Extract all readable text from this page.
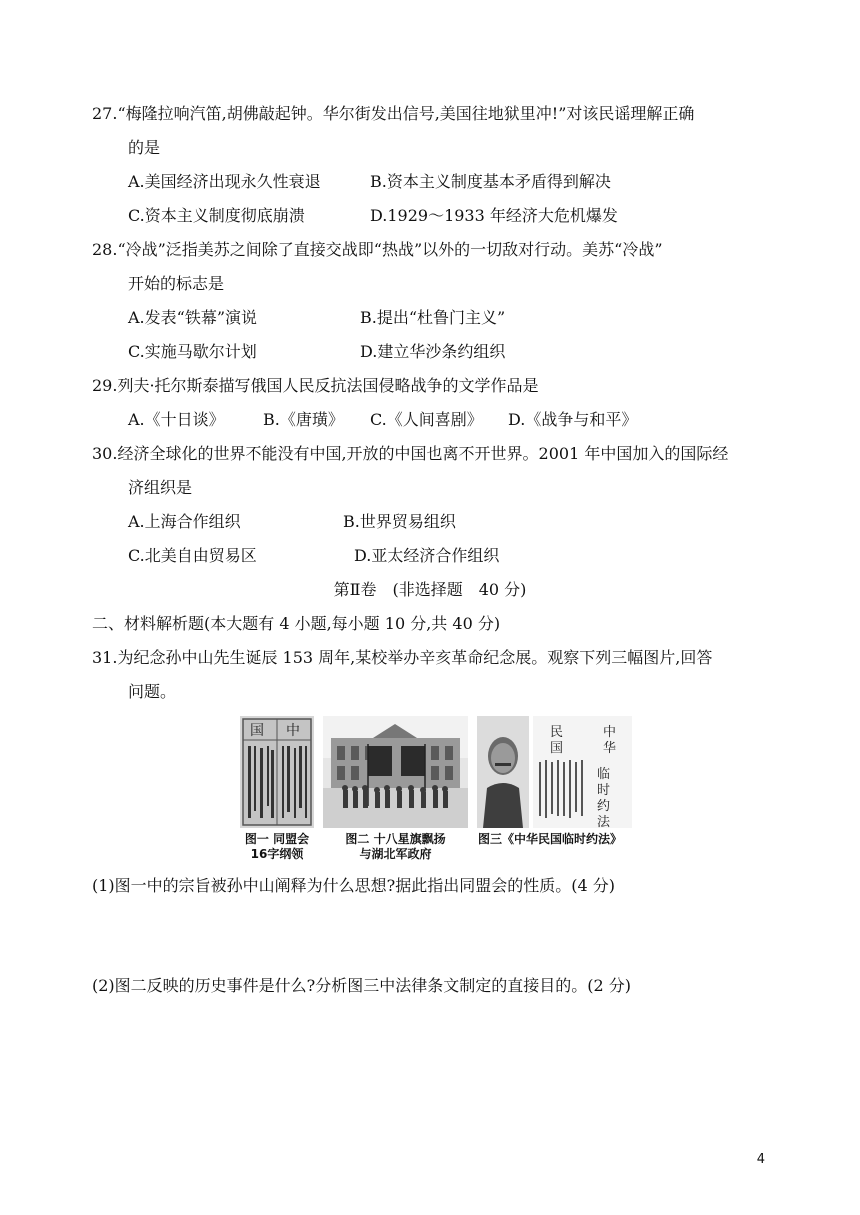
27.“梅隆拉响汽笛,胡佛敲起钟。华尔街发出信号,美国往地狱里冲!”对该民谣理解正确
的是
A.美国经济出现永久性衰退	B.资本主义制度基本矛盾得到解决
C.资本主义制度彻底崩溃	D.1929～1933 年经济大危机爆发
28.“冷战”泛指美苏之间除了直接交战即“热战”以外的一切敌对行动。美苏“冷战”
开始的标志是
A.发表“铁幕”演说	B.提出“杜鲁门主义”
C.实施马歇尔计划	D.建立华沙条约组织
29.列夫·托尔斯泰描写俄国人民反抗法国侵略战争的文学作品是
A.《十日谈》 B.《唐璜》 C.《人间喜剧》 D.《战争与和平》
30.经济全球化的世界不能没有中国,开放的中国也离不开世界。2001 年中国加入的国际经
济组织是
A.上海合作组织	B.世界贸易组织
C.北美自由贸易区	D.亚太经济合作组织
第Ⅱ卷　(非选择题　40 分)
二、材料解析题(本大题有 4 小题,每小题 10 分,共 40 分)
31.为纪念孙中山先生诞辰 153 周年,某校举办辛亥革命纪念展。观察下列三幅图片,回答
问题。
国 中	民
国
中
华
临
时
约
法
图一 同盟会
16字纲领
图二 十八星旗飘扬
与湖北军政府
图三《中华民国临时约法》
(1)图一中的宗旨被孙中山阐释为什么思想?据此指出同盟会的性质。(4 分)
(2)图二反映的历史事件是什么?分析图三中法律条文制定的直接目的。(2 分)
4
